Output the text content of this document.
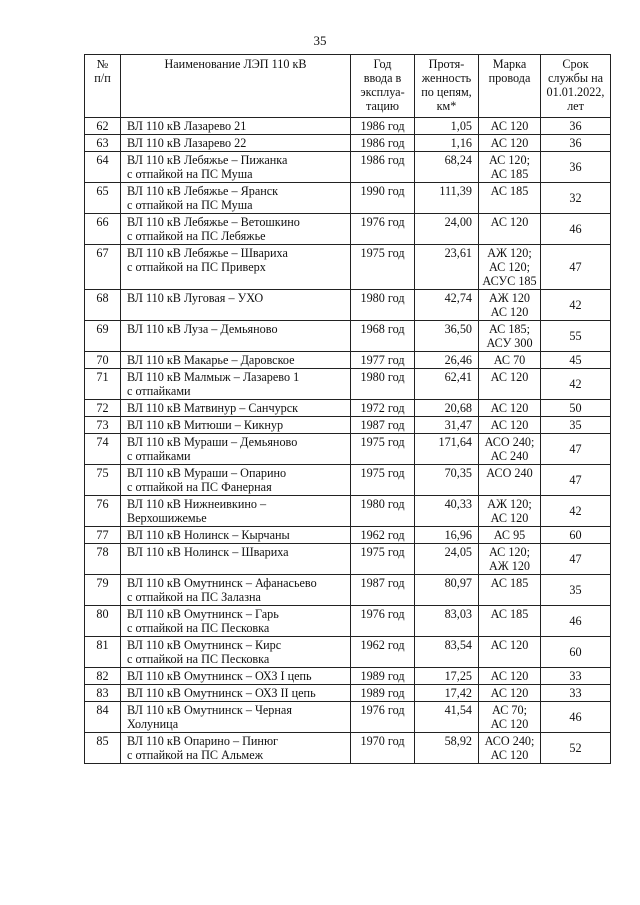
35
№
п/п	Наименование ЛЭП 110 кВ	Год
ввода в
эксплуа-
тацию	Протя-
женность
по цепям,
км*	Марка
провода	Срок
службы на
01.01.2022,
лет
62	ВЛ 110 кВ Лазарево 21	1986 год	1,05	АС 120	36
63	ВЛ 110 кВ Лазарево 22	1986 год	1,16	АС 120	36
64	ВЛ 110 кВ Лебяжье – Пижанка
с отпайкой на ПС Муша	1986 год	68,24	АС 120;
АС 185	36
65	ВЛ 110 кВ Лебяжье – Яранск
с отпайкой на ПС Муша	1990 год	111,39	АС 185	32
66	ВЛ 110 кВ Лебяжье – Ветошкино
с отпайкой на ПС Лебяжье	1976 год	24,00	АС 120	46
67	ВЛ 110 кВ Лебяжье – Швариха
с отпайкой на ПС Приверх	1975 год	23,61	АЖ 120;
АС 120;
АСУС 185	47
68	ВЛ 110 кВ Луговая – УХО	1980 год	42,74	АЖ 120
АС 120	42
69	ВЛ 110 кВ Луза – Демьяново	1968 год	36,50	АС 185;
АСУ 300	55
70	ВЛ 110 кВ Макарье – Даровское	1977 год	26,46	АС 70	45
71	ВЛ 110 кВ Малмыж – Лазарево 1
с отпайками	1980 год	62,41	АС 120	42
72	ВЛ 110 кВ Матвинур – Санчурск	1972 год	20,68	АС 120	50
73	ВЛ 110 кВ Митюши – Кикнур	1987 год	31,47	АС 120	35
74	ВЛ 110 кВ Мураши – Демьяново
с отпайками	1975 год	171,64	АСО 240;
АС 240	47
75	ВЛ 110 кВ Мураши – Опарино
с отпайкой на ПС Фанерная	1975 год	70,35	АСО 240	47
76	ВЛ 110 кВ Нижнеивкино –
Верхошижемье	1980 год	40,33	АЖ 120;
АС 120	42
77	ВЛ 110 кВ Нолинск – Кырчаны	1962 год	16,96	АС 95	60
78	ВЛ 110 кВ Нолинск – Швариха	1975 год	24,05	АС 120;
АЖ 120	47
79	ВЛ 110 кВ Омутнинск – Афанасьево
с отпайкой на ПС Залазна	1987 год	80,97	АС 185	35
80	ВЛ 110 кВ Омутнинск – Гарь
с отпайкой на ПС Песковка	1976 год	83,03	АС 185	46
81	ВЛ 110 кВ Омутнинск – Кирс
с отпайкой на ПС Песковка	1962 год	83,54	АС 120	60
82	ВЛ 110 кВ Омутнинск – ОХЗ I цепь	1989 год	17,25	АС 120	33
83	ВЛ 110 кВ Омутнинск – ОХЗ II цепь	1989 год	17,42	АС 120	33
84	ВЛ 110 кВ Омутнинск – Черная
Холуница	1976 год	41,54	АС 70;
АС 120	46
85	ВЛ 110 кВ Опарино – Пинюг
с отпайкой на ПС Альмеж	1970 год	58,92	АСО 240;
АС 120	52
